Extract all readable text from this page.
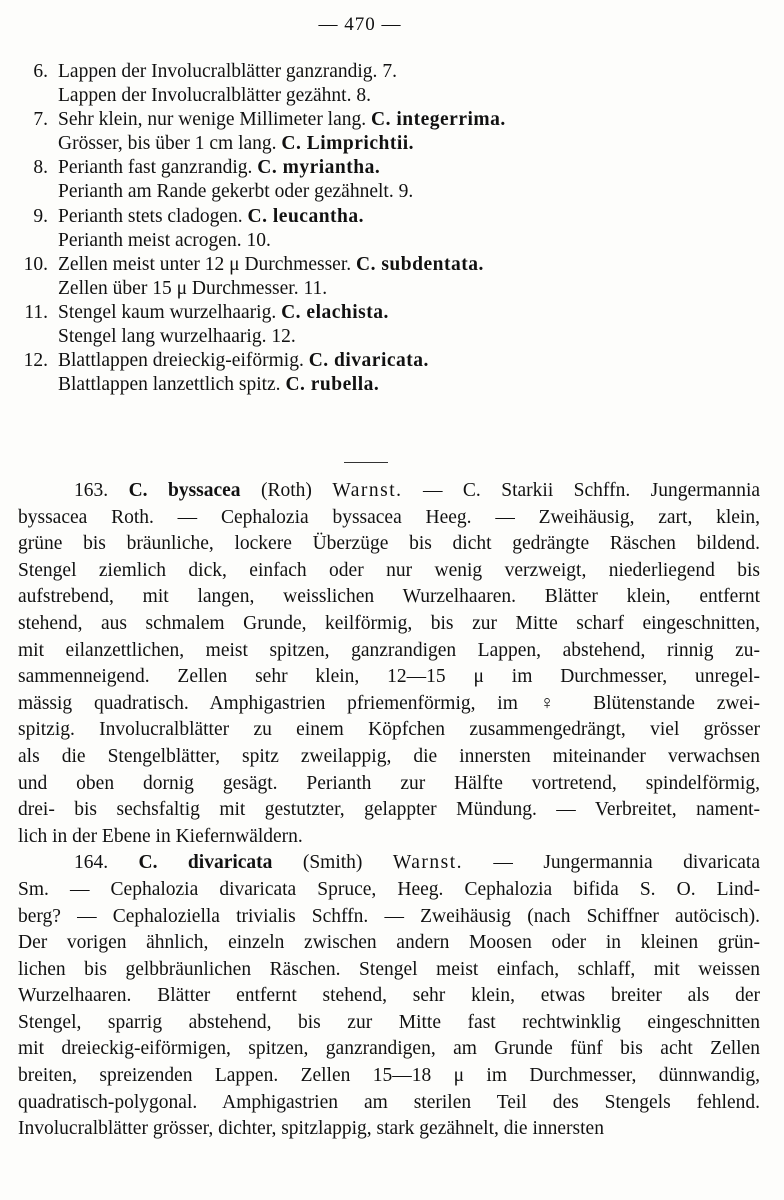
— 470 —
6. Lappen der Involucralblätter ganzrandig. 7.
Lappen der Involucralblätter gezähnt. 8.
7. Sehr klein, nur wenige Millimeter lang. C. integerrima.
Grösser, bis über 1 cm lang. C. Limprichtii.
8. Perianth fast ganzrandig. C. myriantha.
Perianth am Rande gekerbt oder gezähnelt. 9.
9. Perianth stets cladogen. C. leucantha.
Perianth meist acrogen. 10.
10. Zellen meist unter 12 μ Durchmesser. C. subdentata.
Zellen über 15 μ Durchmesser. 11.
11. Stengel kaum wurzelhaarig. C. elachista.
Stengel lang wurzelhaarig. 12.
12. Blattlappen dreieckig-eiförmig. C. divaricata.
Blattlappen lanzettlich spitz. C. rubella.

163. C. byssacea (Roth) Warnst. — C. Starkii Schffn. Jungermannia
byssacea Roth. — Cephalozia byssacea Heeg. — Zweihäusig, zart, klein,
grüne bis bräunliche, lockere Überzüge bis dicht gedrängte Räschen bildend.
Stengel ziemlich dick, einfach oder nur wenig verzweigt, niederliegend bis
aufstrebend, mit langen, weisslichen Wurzelhaaren. Blätter klein, entfernt
stehend, aus schmalem Grunde, keilförmig, bis zur Mitte scharf eingeschnitten,
mit eilanzettlichen, meist spitzen, ganzrandigen Lappen, abstehend, rinnig zu-
sammenneigend. Zellen sehr klein, 12—15 μ im Durchmesser, unregel-
mässig quadratisch. Amphigastrien pfriemenförmig, im ♀ Blütenstande zwei-
spitzig. Involucralblätter zu einem Köpfchen zusammengedrängt, viel grösser
als die Stengelblätter, spitz zweilappig, die innersten miteinander verwachsen
und oben dornig gesägt. Perianth zur Hälfte vortretend, spindelförmig,
drei- bis sechsfaltig mit gestutzter, gelappter Mündung. — Verbreitet, nament-
lich in der Ebene in Kiefernwäldern.

164. C. divaricata (Smith) Warnst. — Jungermannia divaricata
Sm. — Cephalozia divaricata Spruce, Heeg. Cephalozia bifida S. O. Lind-
berg? — Cephaloziella trivialis Schffn. — Zweihäusig (nach Schiffner autöcisch).
Der vorigen ähnlich, einzeln zwischen andern Moosen oder in kleinen grün-
lichen bis gelbbräunlichen Räschen. Stengel meist einfach, schlaff, mit weissen
Wurzelhaaren. Blätter entfernt stehend, sehr klein, etwas breiter als der
Stengel, sparrig abstehend, bis zur Mitte fast rechtwinklig eingeschnitten
mit dreieckig-eiförmigen, spitzen, ganzrandigen, am Grunde fünf bis acht Zellen
breiten, spreizenden Lappen. Zellen 15—18 μ im Durchmesser, dünnwandig,
quadratisch-polygonal. Amphigastrien am sterilen Teil des Stengels fehlend.
Involucralblätter grösser, dichter, spitzlappig, stark gezähnelt, die innersten
